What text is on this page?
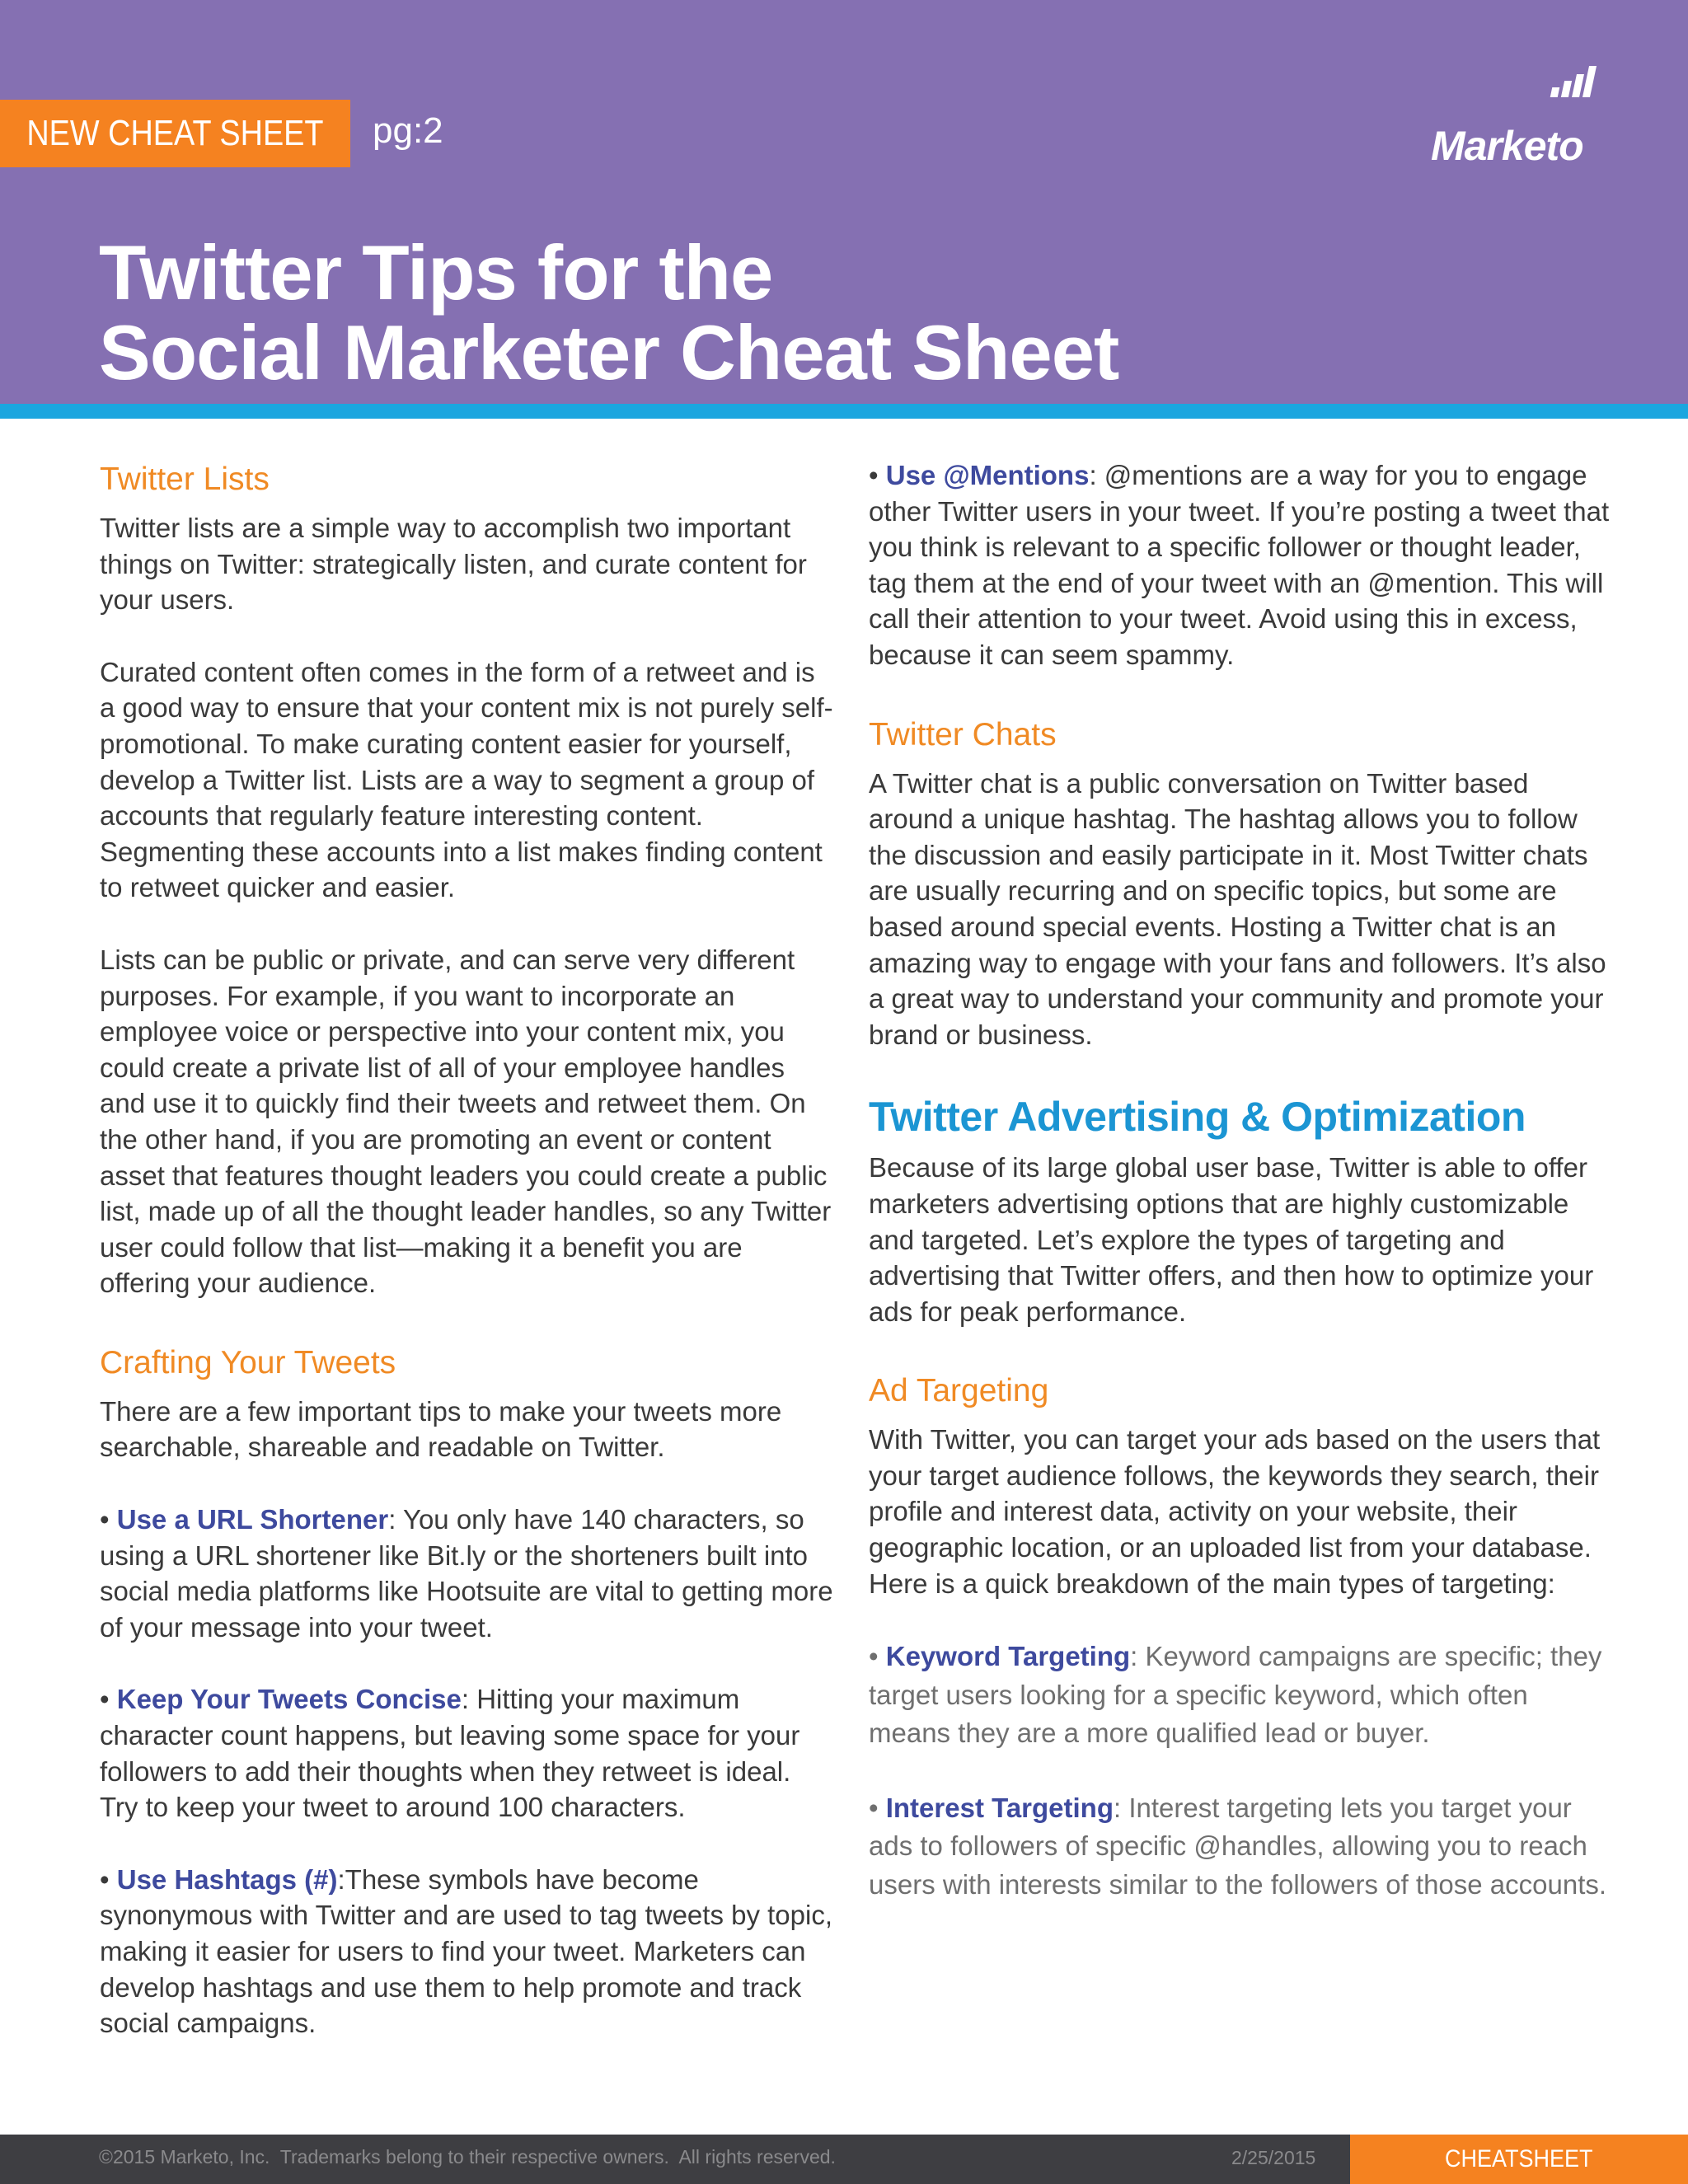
NEW CHEAT SHEET pg:2	Marketo
Twitter Tips for the
Social Marketer Cheat Sheet
Twitter Lists

Twitter lists are a simple way to accomplish two important things on Twitter: strategically listen, and curate content for your users.

Curated content often comes in the form of a retweet and is a good way to ensure that your content mix is not purely self-promotional. To make curating content easier for yourself, develop a Twitter list. Lists are a way to segment a group of accounts that regularly feature interesting content. Segmenting these accounts into a list makes finding content to retweet quicker and easier.

Lists can be public or private, and can serve very different purposes. For example, if you want to incorporate an employee voice or perspective into your content mix, you could create a private list of all of your employee handles and use it to quickly find their tweets and retweet them. On the other hand, if you are promoting an event or content asset that features thought leaders you could create a public list, made up of all the thought leader handles, so any Twitter user could follow that list—making it a benefit you are offering your audience.

Crafting Your Tweets

There are a few important tips to make your tweets more searchable, shareable and readable on Twitter.

• Use a URL Shortener: You only have 140 characters, so using a URL shortener like Bit.ly or the shorteners built into social media platforms like Hootsuite are vital to getting more of your message into your tweet.

• Keep Your Tweets Concise: Hitting your maximum character count happens, but leaving some space for your followers to add their thoughts when they retweet is ideal. Try to keep your tweet to around 100 characters.

• Use Hashtags (#):These symbols have become synonymous with Twitter and are used to tag tweets by topic, making it easier for users to find your tweet. Marketers can develop hashtags and use them to help promote and track social campaigns.

• Use @Mentions: @mentions are a way for you to engage other Twitter users in your tweet. If you’re posting a tweet that you think is relevant to a specific follower or thought leader, tag them at the end of your tweet with an @mention. This will call their attention to your tweet. Avoid using this in excess, because it can seem spammy.

Twitter Chats

A Twitter chat is a public conversation on Twitter based around a unique hashtag. The hashtag allows you to follow the discussion and easily participate in it. Most Twitter chats are usually recurring and on specific topics, but some are based around special events. Hosting a Twitter chat is an amazing way to engage with your fans and followers. It’s also a great way to understand your community and promote your brand or business.

Twitter Advertising & Optimization

Because of its large global user base, Twitter is able to offer marketers advertising options that are highly customizable and targeted. Let’s explore the types of targeting and advertising that Twitter offers, and then how to optimize your ads for peak performance.

Ad Targeting

With Twitter, you can target your ads based on the users that your target audience follows, the keywords they search, their profile and interest data, activity on your website, their geographic location, or an uploaded list from your database. Here is a quick breakdown of the main types of targeting:

• Keyword Targeting: Keyword campaigns are specific; they target users looking for a specific keyword, which often means they are a more qualified lead or buyer.

• Interest Targeting: Interest targeting lets you target your ads to followers of specific @handles, allowing you to reach users with interests similar to the followers of those accounts.

©2015 Marketo, Inc.  Trademarks belong to their respective owners.  All rights reserved.	2/25/2015	CHEATSHEET
